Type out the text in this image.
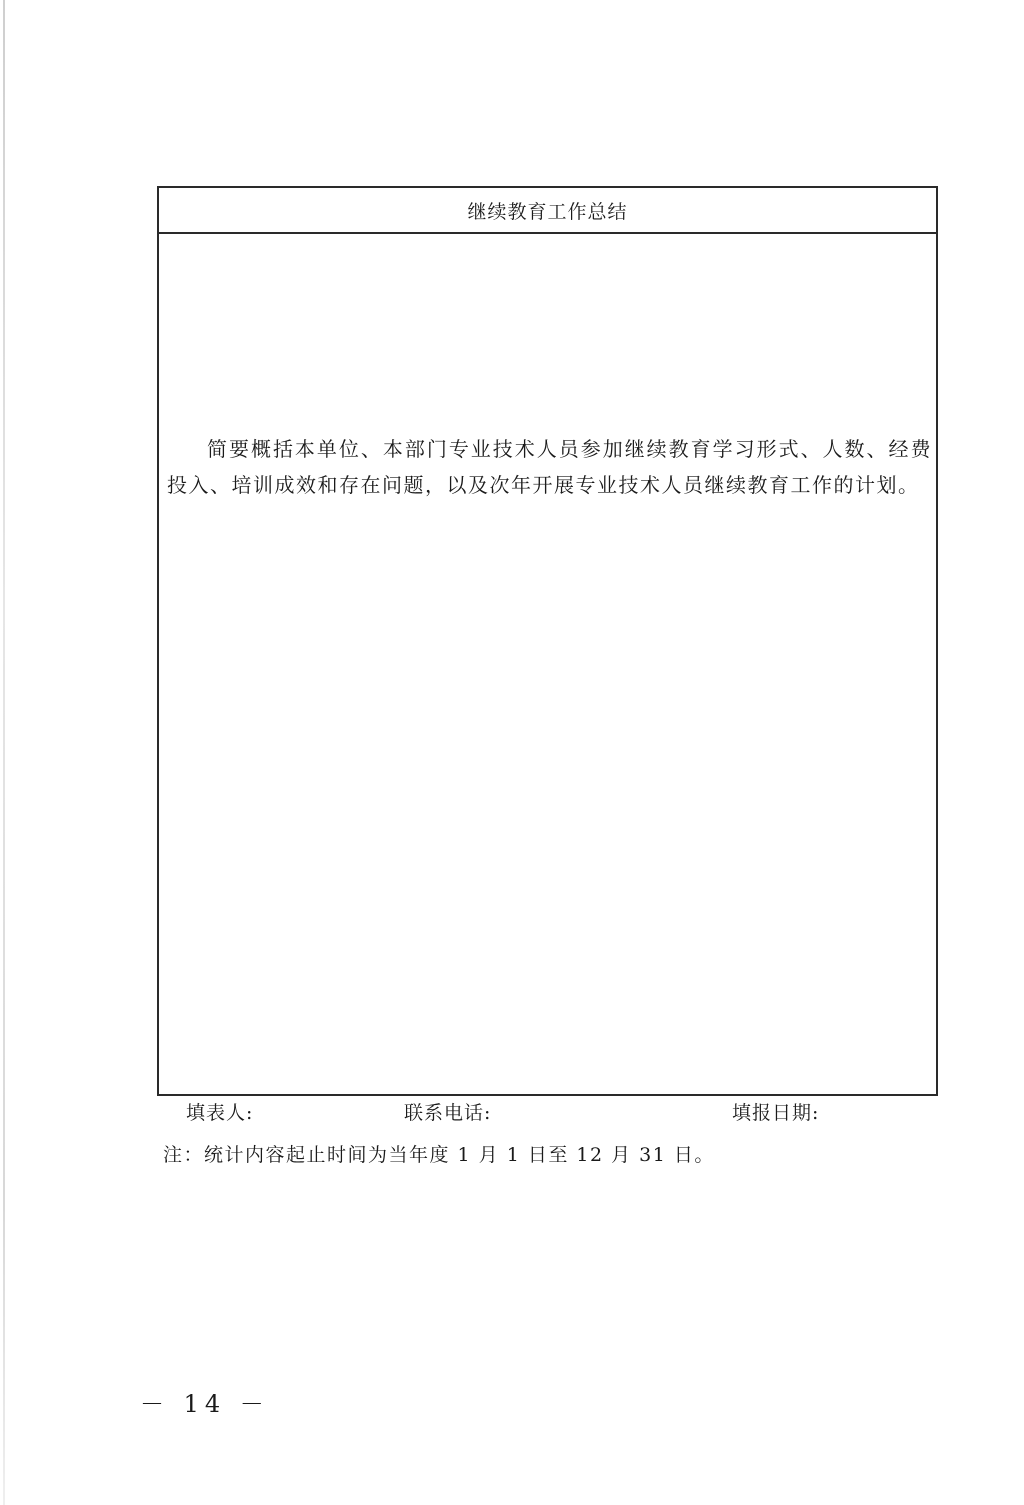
继续教育工作总结

简要概括本单位、本部门专业技术人员参加继续教育学习形式、人数、经费投入、培训成效和存在问题，以及次年开展专业技术人员继续教育工作的计划。

填表人:	联系电话:	填报日期:
注：统计内容起止时间为当年度 1 月 1 日至 12 月 31 日。
－ 14 －
